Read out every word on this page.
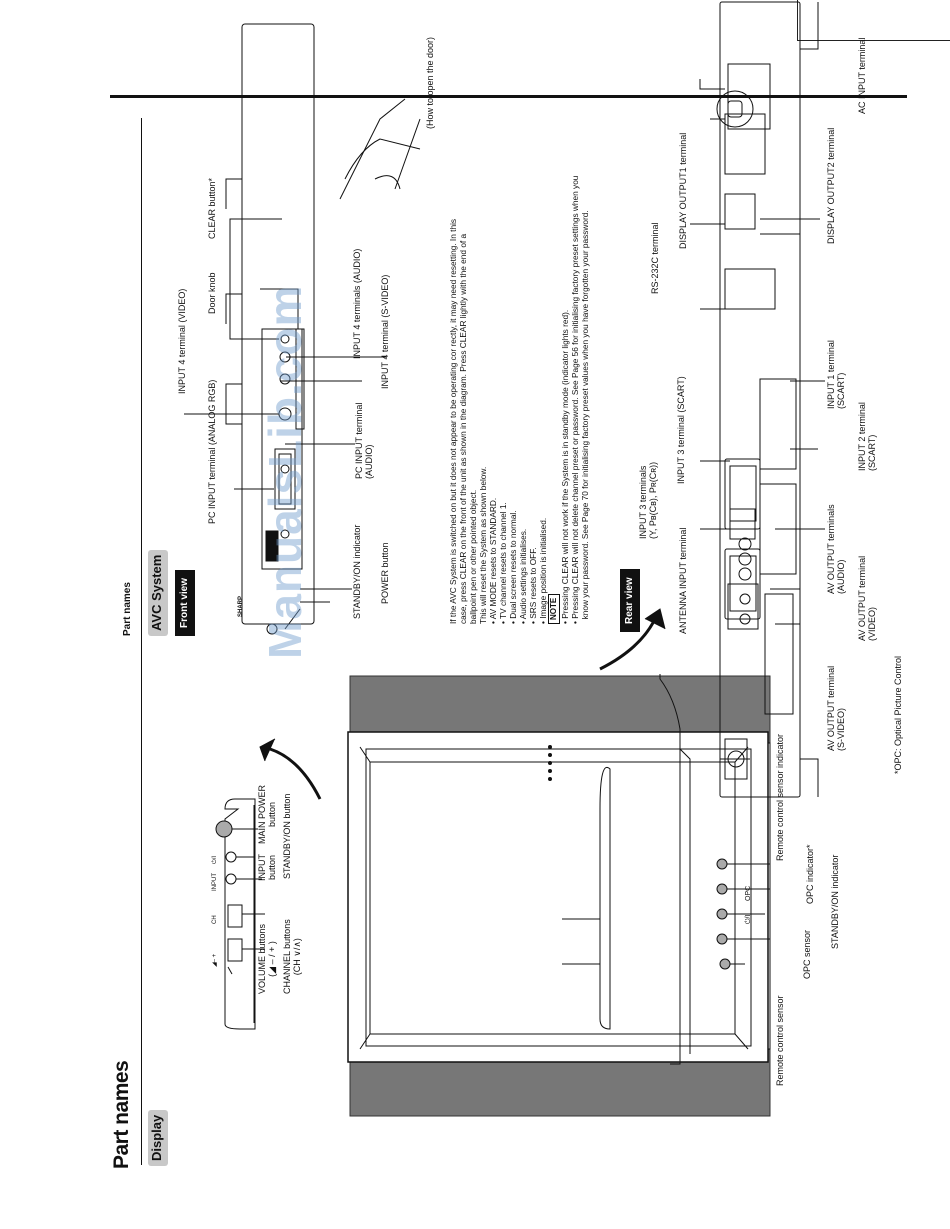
Part names Display
Part names AVC System	Front view
VOLUME buttons
(◢ – / + ) CHANNEL buttons
(CH ∨/∧)
INPUT
button
MAIN POWER
button STANDBY/ON button
INPUT
⏻/I
◢– +
CH	⏻/I
OPC
Remote control sensor
OPC sensor
STANDBY/ON indicator
OPC indicator*
Remote control sensor indicator
*OPC: Optical Picture Control
SHARP
PC INPUT terminal (ANALOG RGB)
INPUT 4 terminal (VIDEO) Door knob
CLEAR button*
STANDBY/ON indicator POWER button
PC INPUT terminal
(AUDIO)
INPUT 4 terminal (S-VIDEO)
INPUT 4 terminals (AUDIO)
(How to open the door)

If the AVC System is switched on but it does not appear to be operating cor rectly, it may need resetting. In this case, press CLEAR on the front of the unit as shown in the diagram. Press CLEAR lightly with the end of a ballpoint pen or other pointed object. This will reset the System as shown below. • AV MODE resets to STANDARD.

• TV channel resets to channel 1.

• Dual screen resets to normal.

• Audio settings initialises.

• SRS resets to OFF.

• Image position is initialised. NOTE

• Pressing CLEAR will not work if the System is in standby mode (indicator lights red).

• Pressing CLEAR will not delete channel preset or password. See Page 56 for initialising factory preset settings when you know your password. See Page 70 for initialising factory preset values when you have forgotten your password.	Rear view	ANTENNA INPUT terminal
INPUT 3 terminals
(Y, Pʙ(Cʙ), Pʀ(Cʀ))
INPUT 3 terminal (SCART)
RS-232C terminal
DISPLAY OUTPUT1 terminal
AC INPUT terminal
AV OUTPUT terminal
(S-VIDEO)
AV OUTPUT terminal
(VIDEO)
AV OUTPUT terminals
(AUDIO)
INPUT 2 terminal
(SCART)
INPUT 1 terminal
(SCART)
DISPLAY OUTPUT2 terminal
ManualsLib.com
